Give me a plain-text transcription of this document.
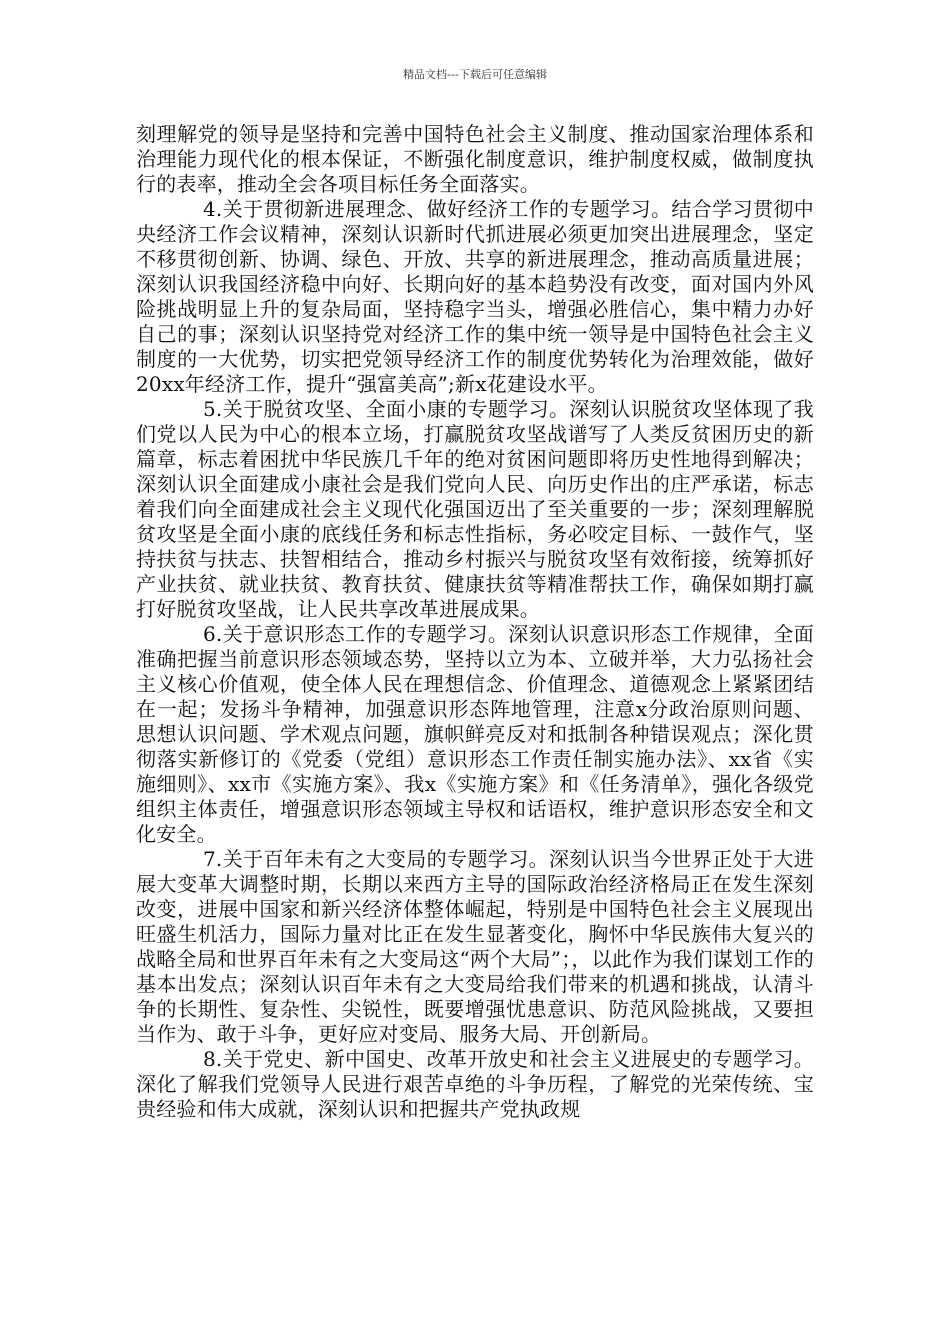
精品文档---下载后可任意编辑

刻理解党的领导是坚持和完善中国特色社会主义制度、推动国家治理体系和治理能力现代化的根本保证，不断强化制度意识，维护制度权威，做制度执行的表率，推动全会各项目标任务全面落实。

4.关于贯彻新进展理念、做好经济工作的专题学习。结合学习贯彻中央经济工作会议精神，深刻认识新时代抓进展必须更加突出进展理念，坚定不移贯彻创新、协调、绿色、开放、共享的新进展理念，推动高质量进展；深刻认识我国经济稳中向好、长期向好的基本趋势没有改变，面对国内外风险挑战明显上升的复杂局面，坚持稳字当头，增强必胜信心，集中精力办好自己的事；深刻认识坚持党对经济工作的集中统一领导是中国特色社会主义制度的一大优势，切实把党领导经济工作的制度优势转化为治理效能，做好20xx年经济工作，提升“强富美高”;新x花建设水平。

5.关于脱贫攻坚、全面小康的专题学习。深刻认识脱贫攻坚体现了我们党以人民为中心的根本立场，打赢脱贫攻坚战谱写了人类反贫困历史的新篇章，标志着困扰中华民族几千年的绝对贫困问题即将历史性地得到解决；深刻认识全面建成小康社会是我们党向人民、向历史作出的庄严承诺，标志着我们向全面建成社会主义现代化强国迈出了至关重要的一步；深刻理解脱贫攻坚是全面小康的底线任务和标志性指标，务必咬定目标、一鼓作气，坚持扶贫与扶志、扶智相结合，推动乡村振兴与脱贫攻坚有效衔接，统筹抓好产业扶贫、就业扶贫、教育扶贫、健康扶贫等精准帮扶工作，确保如期打赢打好脱贫攻坚战，让人民共享改革进展成果。

6.关于意识形态工作的专题学习。深刻认识意识形态工作规律，全面准确把握当前意识形态领域态势，坚持以立为本、立破并举，大力弘扬社会主义核心价值观，使全体人民在理想信念、价值理念、道德观念上紧紧团结在一起；发扬斗争精神，加强意识形态阵地管理，注意x分政治原则问题、思想认识问题、学术观点问题，旗帜鲜亮反对和抵制各种错误观点；深化贯彻落实新修订的《党委（党组）意识形态工作责任制实施办法》、xx省《实施细则》、xx市《实施方案》、我x《实施方案》和《任务清单》，强化各级党组织主体责任，增强意识形态领域主导权和话语权，维护意识形态安全和文化安全。

7.关于百年未有之大变局的专题学习。深刻认识当今世界正处于大进展大变革大调整时期，长期以来西方主导的国际政治经济格局正在发生深刻改变，进展中国家和新兴经济体整体崛起，特别是中国特色社会主义展现出旺盛生机活力，国际力量对比正在发生显著变化，胸怀中华民族伟大复兴的战略全局和世界百年未有之大变局这“两个大局”；，以此作为我们谋划工作的基本出发点；深刻认识百年未有之大变局给我们带来的机遇和挑战，认清斗争的长期性、复杂性、尖锐性，既要增强忧患意识、防范风险挑战，又要担当作为、敢于斗争，更好应对变局、服务大局、开创新局。

8.关于党史、新中国史、改革开放史和社会主义进展史的专题学习。深化了解我们党领导人民进行艰苦卓绝的斗争历程，了解党的光荣传统、宝贵经验和伟大成就，深刻认识和把握共产党执政规
